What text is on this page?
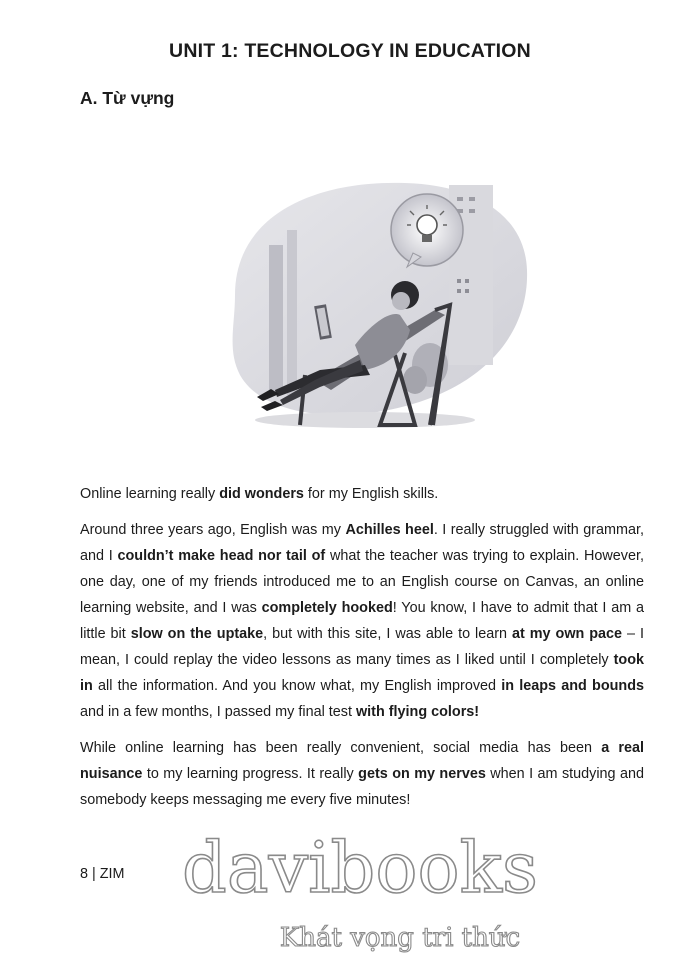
UNIT 1: TECHNOLOGY IN EDUCATION
A. Từ vựng

Online learning really did wonders for my English skills.

Around three years ago, English was my Achilles heel. I really struggled with grammar, and I couldn’t make head nor tail of what the teacher was trying to explain. However, one day, one of my friends introduced me to an English course on Canvas, an online learning website, and I was completely hooked! You know, I have to admit that I am a little bit slow on the uptake, but with this site, I was able to learn at my own pace – I mean, I could replay the video lessons as many times as I liked until I completely took in all the information. And you know what, my English improved in leaps and bounds and in a few months, I passed my final test with flying colors!

While online learning has been really convenient, social media has been a real nuisance to my learning progress. It really gets on my nerves when I am studying and somebody keeps messaging me every five minutes!

8 | ZIM davibooks
Khát vọng tri thức
